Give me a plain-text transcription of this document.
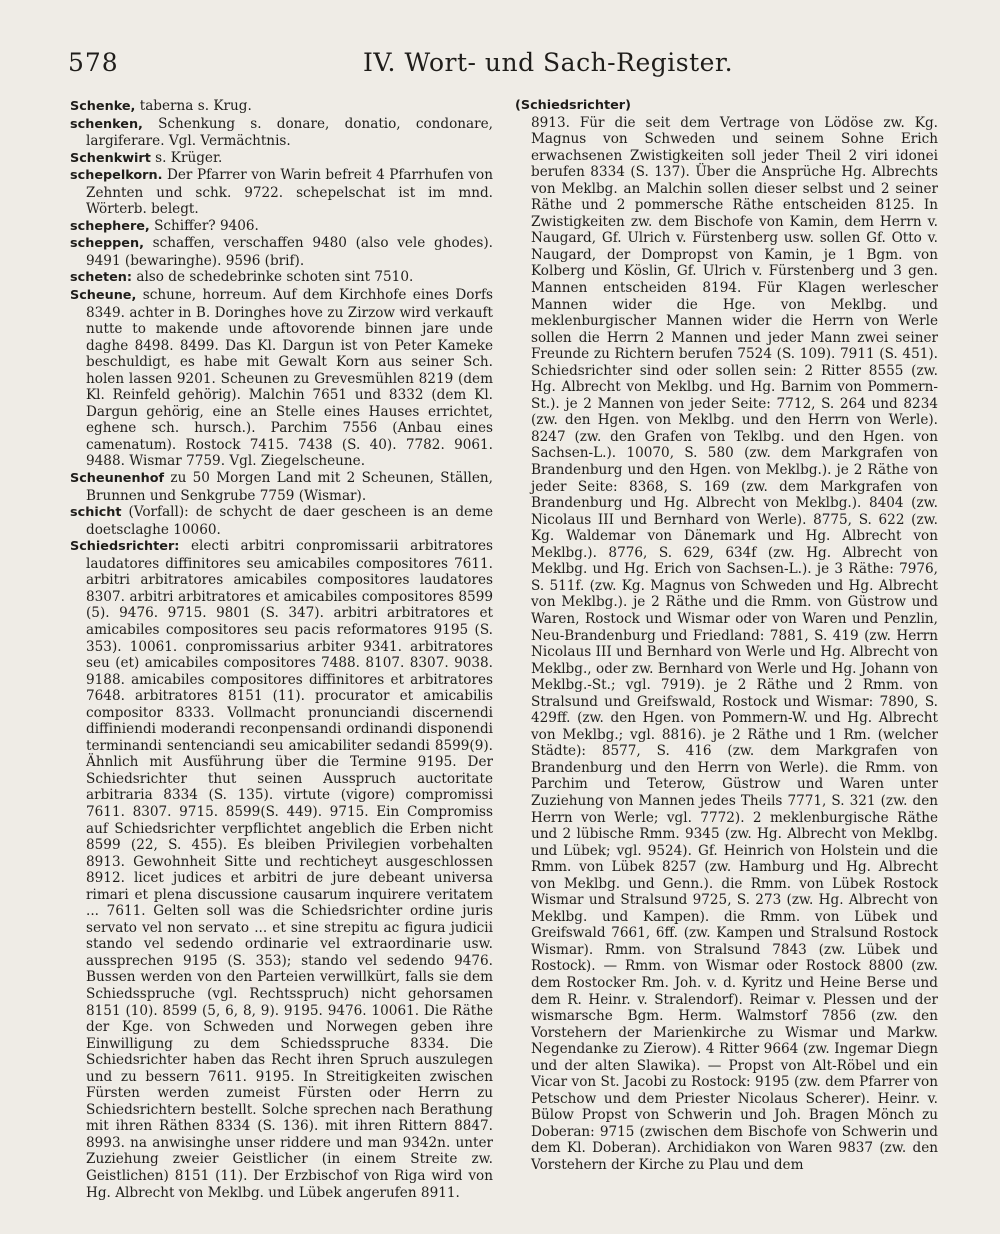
578	IV. Wort- und Sach-Register.

Schenke, taberna s. Krug.

schenken, Schenkung s. donare, donatio, condonare, largiferare. Vgl. Vermächtnis.

Schenkwirt s. Krüger.

schepelkorn. Der Pfarrer von Warin befreit 4 Pfarrhufen von Zehnten und schk. 9722. schepelschat ist im mnd. Wörterb. belegt.

schephere, Schiffer? 9406.

scheppen, schaffen, verschaffen 9480 (also vele ghodes). 9491 (bewaringhe). 9596 (brif).

scheten: also de schedebrinke schoten sint 7510.

Scheune, schune, horreum. Auf dem Kirchhofe eines Dorfs 8349. achter in B. Doringhes hove zu Zirzow wird verkauft nutte to makende unde aftovorende binnen jare unde daghe 8498. 8499. Das Kl. Dargun ist von Peter Kameke beschuldigt, es habe mit Gewalt Korn aus seiner Sch. holen lassen 9201. Scheunen zu Grevesmühlen 8219 (dem Kl. Reinfeld gehörig). Malchin 7651 und 8332 (dem Kl. Dargun gehörig, eine an Stelle eines Hauses errichtet, eghene sch. hursch.). Parchim 7556 (Anbau eines camenatum). Rostock 7415. 7438 (S. 40). 7782. 9061. 9488. Wismar 7759. Vgl. Ziegelscheune.

Scheunenhof zu 50 Morgen Land mit 2 Scheunen, Ställen, Brunnen und Senkgrube 7759 (Wismar).

schicht (Vorfall): de schycht de daer gescheen is an deme doetsclaghe 10060.

Schiedsrichter: electi arbitri conpromissarii arbitratores laudatores diffinitores seu amicabiles compositores 7611. arbitri arbitratores amicabiles compositores laudatores 8307. arbitri arbitratores et amicabiles compositores 8599 (5). 9476. 9715. 9801 (S. 347). arbitri arbitratores et amicabiles compositores seu pacis reformatores 9195 (S. 353). 10061. conpromissarius arbiter 9341. arbitratores seu (et) amicabiles compositores 7488. 8107. 8307. 9038. 9188. amicabiles compositores diffinitores et arbitratores 7648. arbitratores 8151 (11). procurator et amicabilis compositor 8333. Vollmacht pronunciandi discernendi diffiniendi moderandi reconpensandi ordinandi disponendi terminandi sentenciandi seu amicabiliter sedandi 8599(9). Ähnlich mit Ausführung über die Termine 9195. Der Schiedsrichter thut seinen Ausspruch auctoritate arbitraria 8334 (S. 135). virtute (vigore) compromissi 7611. 8307. 9715. 8599(S. 449). 9715. Ein Compromiss auf Schiedsrichter verpflichtet angeblich die Erben nicht 8599 (22, S. 455). Es bleiben Privilegien vorbehalten 8913. Gewohnheit Sitte und rechticheyt ausgeschlossen 8912. licet judices et arbitri de jure debeant universa rimari et plena discussione causarum inquirere veritatem ... 7611. Gelten soll was die Schiedsrichter ordine juris servato vel non servato ... et sine strepitu ac figura judicii stando vel sedendo ordinarie vel extraordinarie usw. aussprechen 9195 (S. 353); stando vel sedendo 9476. Bussen werden von den Parteien verwillkürt, falls sie dem Schiedsspruche (vgl. Rechtsspruch) nicht gehorsamen 8151 (10). 8599 (5, 6, 8, 9). 9195. 9476. 10061. Die Räthe der Kge. von Schweden und Norwegen geben ihre Einwilligung zu dem Schiedsspruche 8334. Die Schiedsrichter haben das Recht ihren Spruch auszulegen und zu bessern 7611. 9195. In Streitigkeiten zwischen Fürsten werden zumeist Fürsten oder Herrn zu Schiedsrichtern bestellt. Solche sprechen nach Berathung mit ihren Räthen 8334 (S. 136). mit ihren Rittern 8847. 8993. na anwisinghe unser riddere und man 9342n. unter Zuziehung zweier Geistlicher (in einem Streite zw. Geistlichen) 8151 (11). Der Erzbischof von Riga wird von Hg. Albrecht von Meklbg. und Lübek angerufen 8911.

(Schiedsrichter)
8913. Für die seit dem Vertrage von Lödöse zw. Kg. Magnus von Schweden und seinem Sohne Erich erwachsenen Zwistigkeiten soll jeder Theil 2 viri idonei berufen 8334 (S. 137). Über die Ansprüche Hg. Albrechts von Meklbg. an Malchin sollen dieser selbst und 2 seiner Räthe und 2 pommersche Räthe entscheiden 8125. In Zwistigkeiten zw. dem Bischofe von Kamin, dem Herrn v. Naugard, Gf. Ulrich v. Fürstenberg usw. sollen Gf. Otto v. Naugard, der Dompropst von Kamin, je 1 Bgm. von Kolberg und Köslin, Gf. Ulrich v. Fürstenberg und 3 gen. Mannen entscheiden 8194. Für Klagen werlescher Mannen wider die Hge. von Meklbg. und meklenburgischer Mannen wider die Herrn von Werle sollen die Herrn 2 Mannen und jeder Mann zwei seiner Freunde zu Richtern berufen 7524 (S. 109). 7911 (S. 451). Schiedsrichter sind oder sollen sein: 2 Ritter 8555 (zw. Hg. Albrecht von Meklbg. und Hg. Barnim von Pommern-St.). je 2 Mannen von jeder Seite: 7712, S. 264 und 8234 (zw. den Hgen. von Meklbg. und den Herrn von Werle). 8247 (zw. den Grafen von Teklbg. und den Hgen. von Sachsen-L.). 10070, S. 580 (zw. dem Markgrafen von Brandenburg und den Hgen. von Meklbg.). je 2 Räthe von jeder Seite: 8368, S. 169 (zw. dem Markgrafen von Brandenburg und Hg. Albrecht von Meklbg.). 8404 (zw. Nicolaus III und Bernhard von Werle). 8775, S. 622 (zw. Kg. Waldemar von Dänemark und Hg. Albrecht von Meklbg.). 8776, S. 629, 634f (zw. Hg. Albrecht von Meklbg. und Hg. Erich von Sachsen-L.). je 3 Räthe: 7976, S. 511f. (zw. Kg. Magnus von Schweden und Hg. Albrecht von Meklbg.). je 2 Räthe und die Rmm. von Güstrow und Waren, Rostock und Wismar oder von Waren und Penzlin, Neu-Brandenburg und Friedland: 7881, S. 419 (zw. Herrn Nicolaus III und Bernhard von Werle und Hg. Albrecht von Meklbg., oder zw. Bernhard von Werle und Hg. Johann von Meklbg.-St.; vgl. 7919). je 2 Räthe und 2 Rmm. von Stralsund und Greifswald, Rostock und Wismar: 7890, S. 429ff. (zw. den Hgen. von Pommern-W. und Hg. Albrecht von Meklbg.; vgl. 8816). je 2 Räthe und 1 Rm. (welcher Städte): 8577, S. 416 (zw. dem Markgrafen von Brandenburg und den Herrn von Werle). die Rmm. von Parchim und Teterow, Güstrow und Waren unter Zuziehung von Mannen jedes Theils 7771, S. 321 (zw. den Herrn von Werle; vgl. 7772). 2 meklenburgische Räthe und 2 lübische Rmm. 9345 (zw. Hg. Albrecht von Meklbg. und Lübek; vgl. 9524). Gf. Heinrich von Holstein und die Rmm. von Lübek 8257 (zw. Hamburg und Hg. Albrecht von Meklbg. und Genn.). die Rmm. von Lübek Rostock Wismar und Stralsund 9725, S. 273 (zw. Hg. Albrecht von Meklbg. und Kampen). die Rmm. von Lübek und Greifswald 7661, 6ff. (zw. Kampen und Stralsund Rostock Wismar). Rmm. von Stralsund 7843 (zw. Lübek und Rostock). — Rmm. von Wismar oder Rostock 8800 (zw. dem Rostocker Rm. Joh. v. d. Kyritz und Heine Berse und dem R. Heinr. v. Stralendorf). Reimar v. Plessen und der wismarsche Bgm. Herm. Walmstorf 7856 (zw. den Vorstehern der Marienkirche zu Wismar und Markw. Negendanke zu Zierow). 4 Ritter 9664 (zw. Ingemar Diegn und der alten Slawika). — Propst von Alt-Röbel und ein Vicar von St. Jacobi zu Rostock: 9195 (zw. dem Pfarrer von Petschow und dem Priester Nicolaus Scherer). Heinr. v. Bülow Propst von Schwerin und Joh. Bragen Mönch zu Doberan: 9715 (zwischen dem Bischofe von Schwerin und dem Kl. Doberan). Archidiakon von Waren 9837 (zw. den Vorstehern der Kirche zu Plau und dem
